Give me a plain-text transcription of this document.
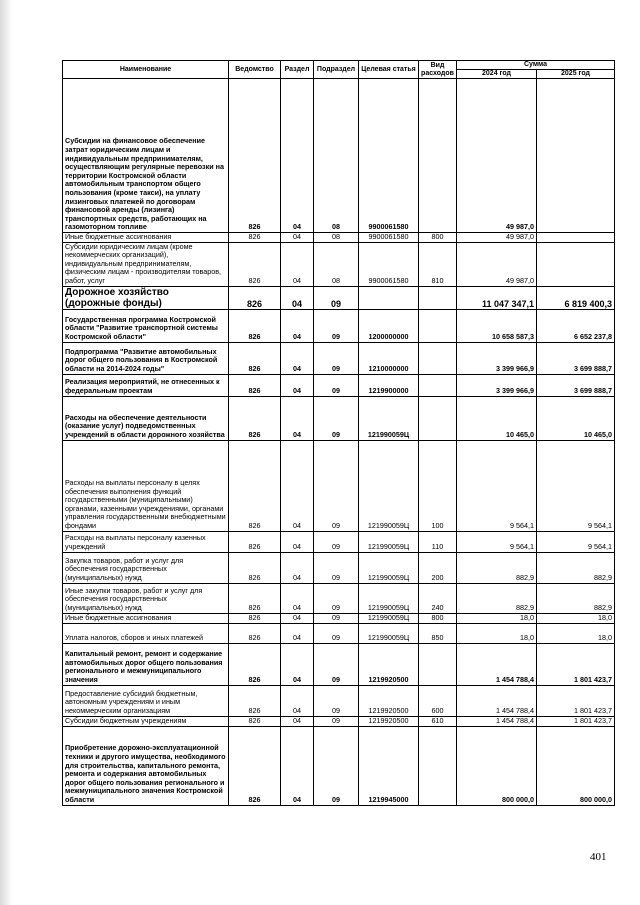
Наименование	Ведомство	Раздел	Подраздел	Целевая статья	Вид расходов	Сумма	
						2024 год	2025 год
Субсидии на финансовое обеспечение затрат юридическим лицам и индивидуальным предпринимателям, осуществляющим регулярные перевозки на территории Костромской области автомобильным транспортом общего пользования (кроме такси), на уплату лизинговых платежей по договорам финансовой аренды (лизинга) транспортных средств, работающих на газомоторном топливе	826	04	08	9900061580		49 987,0	
Иные бюджетные ассигнования	826	04	08	9900061580	800	49 987,0	
Субсидии юридическим лицам (кроме некоммерческих организаций), индивидуальным предпринимателям, физическим лицам - производителям товаров, работ, услуг	826	04	08	9900061580	810	49 987,0	
Дорожное хозяйство (дорожные фонды)	826	04	09			11 047 347,1	6 819 400,3
Государственная программа Костромской области "Развитие транспортной системы Костромской области"	826	04	09	1200000000		10 658 587,3	6 652 237,8
Подпрограмма "Развитие автомобильных дорог общего пользования в Костромской области на 2014-2024 годы"	826	04	09	1210000000		3 399 966,9	3 699 888,7
Реализация мероприятий, не отнесенных к федеральным проектам	826	04	09	1219900000		3 399 966,9	3 699 888,7
Расходы на обеспечение деятельности (оказание услуг) подведомственных учреждений в области дорожного хозяйства	826	04	09	121990059Ц		10 465,0	10 465,0
Расходы на выплаты персоналу в целях обеспечения выполнения функций государственными (муниципальными) органами, казенными учреждениями, органами управления государственными внебюджетными фондами	826	04	09	121990059Ц	100	9 564,1	9 564,1
Расходы на выплаты персоналу казенных учреждений	826	04	09	121990059Ц	110	9 564,1	9 564,1
Закупка товаров, работ и услуг для обеспечения государственных (муниципальных) нужд	826	04	09	121990059Ц	200	882,9	882,9
Иные закупки товаров, работ и услуг для обеспечения государственных (муниципальных) нужд	826	04	09	121990059Ц	240	882,9	882,9
Иные бюджетные ассигнования	826	04	09	121990059Ц	800	18,0	18,0
Уплата налогов, сборов и иных платежей	826	04	09	121990059Ц	850	18,0	18,0
Капитальный ремонт, ремонт и содержание автомобильных дорог общего пользования регионального и межмуниципального значения	826	04	09	1219920500		1 454 788,4	1 801 423,7
Предоставление субсидий бюджетным, автономным учреждениям и иным некоммерческим организациям	826	04	09	1219920500	600	1 454 788,4	1 801 423,7
Субсидии бюджетным учреждениям	826	04	09	1219920500	610	1 454 788,4	1 801 423,7
Приобретение дорожно-эксплуатационной техники и другого имущества, необходимого для строительства, капитального ремонта, ремонта и содержания автомобильных дорог общего пользования регионального и межмуниципального значения Костромской области	826	04	09	1219945000		800 000,0	800 000,0
401
